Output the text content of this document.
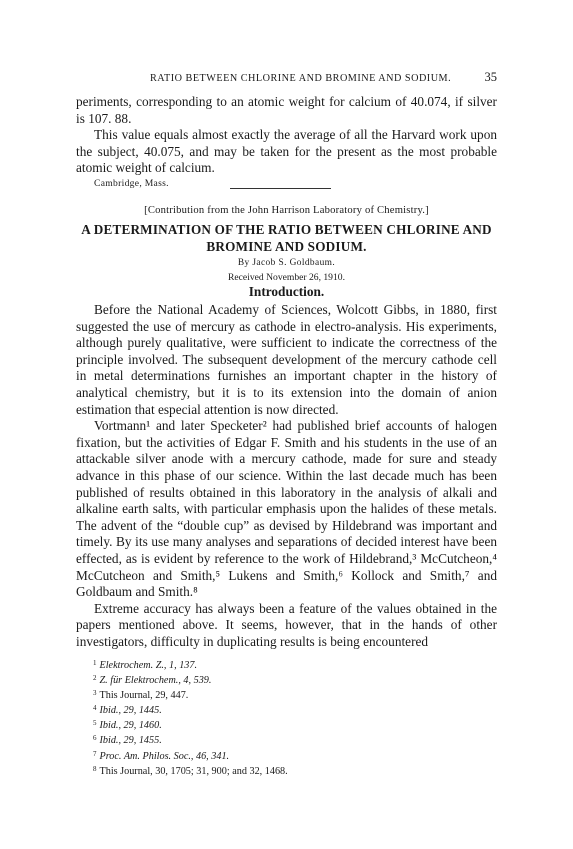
RATIO BETWEEN CHLORINE AND BROMINE AND SODIUM.	35

periments, corresponding to an atomic weight for calcium of 40.074, if silver is 107. 88.

This value equals almost exactly the average of all the Harvard work upon the subject, 40.075, and may be taken for the present as the most probable atomic weight of calcium.

Cambridge, Mass.
[Contribution from the John Harrison Laboratory of Chemistry.]
A DETERMINATION OF THE RATIO BETWEEN CHLORINE AND
BROMINE AND SODIUM.
By Jacob S. Goldbaum.
Received November 26, 1910.
Introduction.

Before the National Academy of Sciences, Wolcott Gibbs, in 1880, first suggested the use of mercury as cathode in electro-analysis. His experiments, although purely qualitative, were sufficient to indicate the correctness of the principle involved. The subsequent development of the mercury cathode cell in metal determinations furnishes an important chapter in the history of analytical chemistry, but it is to its extension into the domain of anion estimation that especial attention is now directed.

Vortmann¹ and later Specketer² had published brief accounts of halogen fixation, but the activities of Edgar F. Smith and his students in the use of an attackable silver anode with a mercury cathode, made for sure and steady advance in this phase of our science. Within the last decade much has been published of results obtained in this laboratory in the analysis of alkali and alkaline earth salts, with particular emphasis upon the halides of these metals. The advent of the “double cup” as devised by Hildebrand was important and timely. By its use many analyses and separations of decided interest have been effected, as is evident by reference to the work of Hildebrand,³ McCutcheon,⁴ McCutcheon and Smith,⁵ Lukens and Smith,⁶ Kollock and Smith,⁷ and Goldbaum and Smith.⁸

Extreme accuracy has always been a feature of the values obtained in the papers mentioned above. It seems, however, that in the hands of other investigators, difficulty in duplicating results is being encountered

$^1$ Elektrochem. Z., 1, 137.
$^2$ Z. für Elektrochem., 4, 539.
$^3$ This Journal, 29, 447.
$^4$ Ibid., 29, 1445.
$^5$ Ibid., 29, 1460.
$^6$ Ibid., 29, 1455.
$^7$ Proc. Am. Philos. Soc., 46, 341.
$^8$ This Journal, 30, 1705; 31, 900; and 32, 1468.
